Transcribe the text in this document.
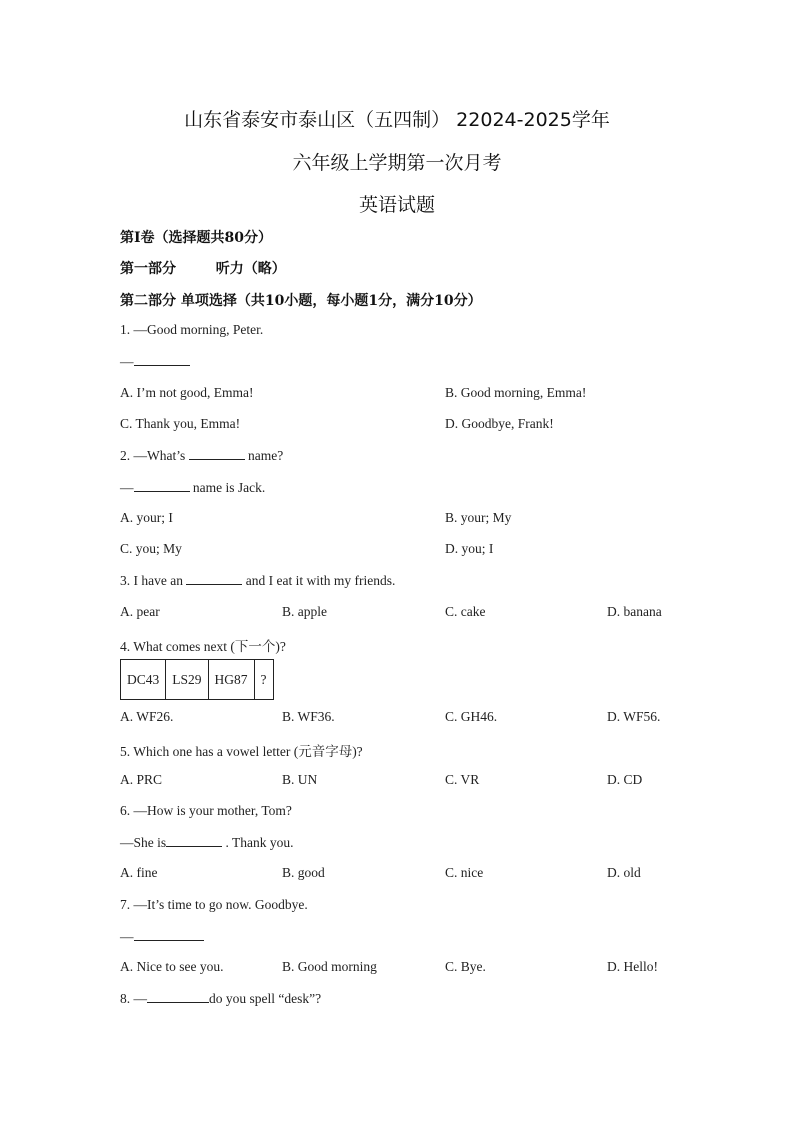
山东省泰安市泰山区（五四制） 22024-2025学年
六年级上学期第一次月考
英语试题
第I卷（选择题共80分）
第一部分	听力（略）
第二部分 单项选择（共10小题，每小题1分，满分10分）
1. —Good morning, Peter.
—
A. I’m not good, Emma!	B. Good morning, Emma!
C. Thank you, Emma!	D. Goodbye, Frank!
2. —What’s	name?
—	name is Jack.
A. your; I	B. your; My
C. you; My	D. you; I
3. I have an	and I eat it with my friends.
A. pear	B. apple	C. cake	D. banana
4. What comes next (下一个)?
DC43	LS29	HG87	?
A. WF26.	B. WF36.	C. GH46.	D. WF56.
5. Which one has a vowel letter (元音字母)?
A. PRC	B. UN	C. VR	D. CD
6. —How is your mother, Tom?
—She is	. Thank you.
A. fine	B. good	C. nice	D. old
7. —It’s time to go now. Goodbye.
—
A. Nice to see you.	B. Good morning	C. Bye.	D. Hello!
8. —	do you spell “desk”?
